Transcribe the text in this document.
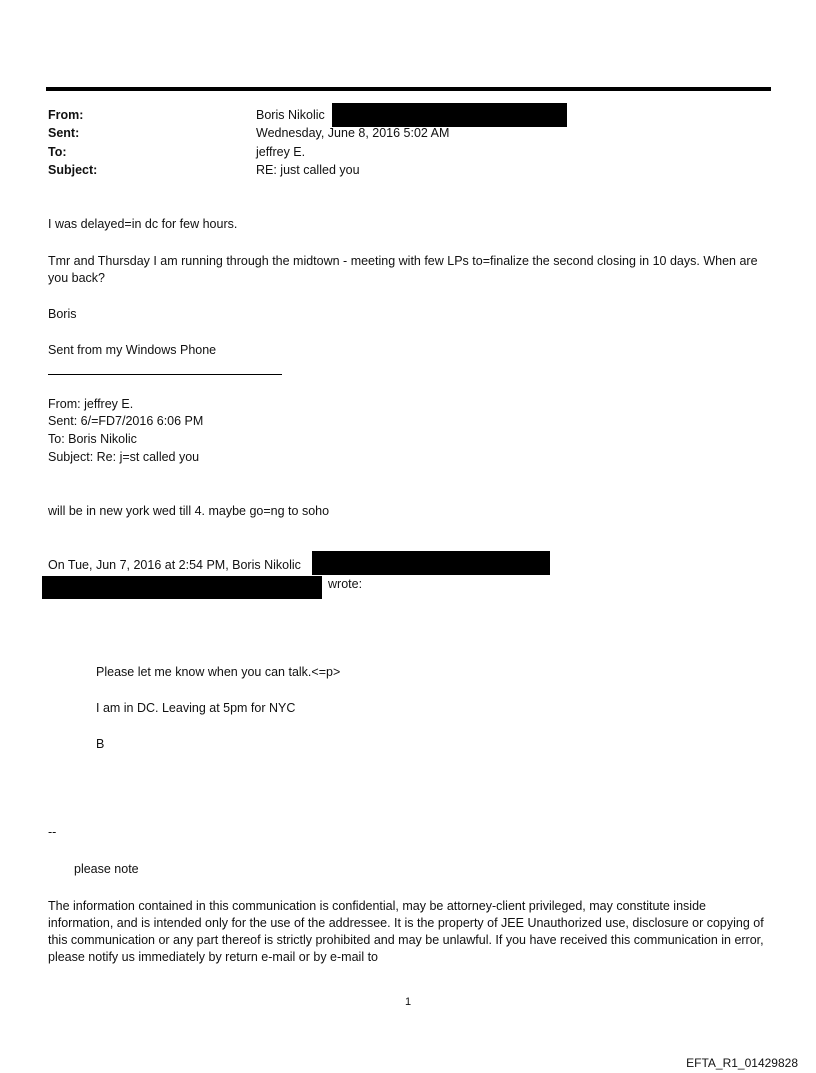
From:	Boris Nikolic
Sent:	Wednesday, June 8, 2016 5:02 AM
To:	jeffrey E.
Subject:	RE: just called you
I was delayed=in dc for few hours.
Tmr and Thursday I am running through the midtown - meeting with few LPs to=finalize the second closing in 10 days. When are you back?
Boris
Sent from my Windows Phone
From: jeffrey E.
Sent: 6/=FD7/2016 6:06 PM
To: Boris Nikolic
Subject: Re: j=st called you
will be in new york wed till 4. maybe go=ng to soho
On Tue, Jun 7, 2016 at 2:54 PM, Boris Nikolic
wrote:
Please let me know when you can talk.<=p>
I am in DC. Leaving at 5pm for NYC
B
--
please note
The information contained in this communication is confidential, may be attorney-client privileged, may constitute inside information, and is intended only for the use of the addressee. It is the property of JEE Unauthorized use, disclosure or copying of this communication or any part thereof is strictly prohibited and may be unlawful. If you have received this communication in error, please notify us immediately by return e-mail or by e-mail to
1
EFTA_R1_01429828
